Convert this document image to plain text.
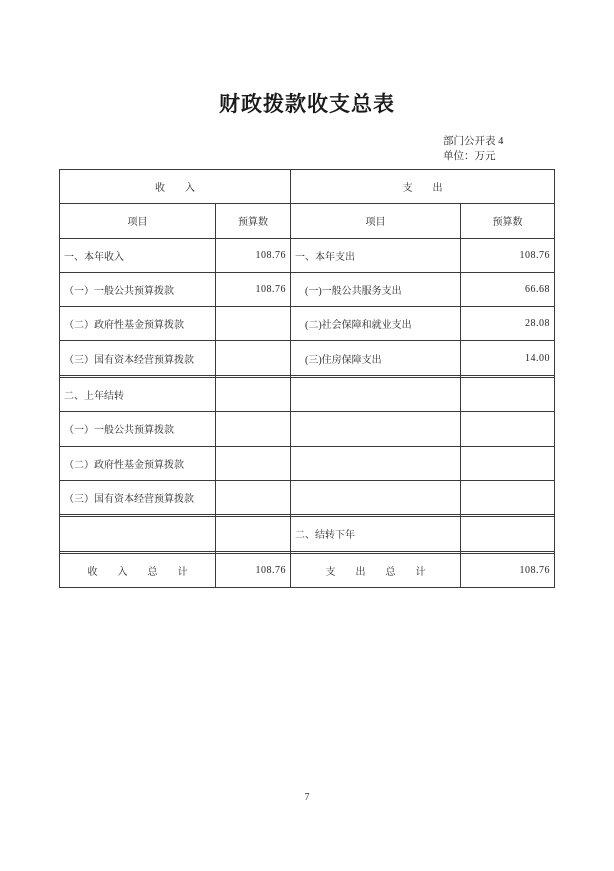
财政拨款收支总表
部门公开表 4
单位：万元
收　　入		支　　出	
项目	预算数	项目	预算数
一、本年收入	108.76	一、本年支出	108.76
（一）一般公共预算拨款	108.76	(一)一般公共服务支出	66.68
（二）政府性基金预算拨款		(二)社会保障和就业支出	28.08
（三）国有资本经营预算拨款		(三)住房保障支出	14.00

二、上年结转			
（一）一般公共预算拨款			
（二）政府性基金预算拨款			
（三）国有资本经营预算拨款			

		二、结转下年	

收　　入　　总　　计	108.76	支　　出　　总　　计	108.76
7
